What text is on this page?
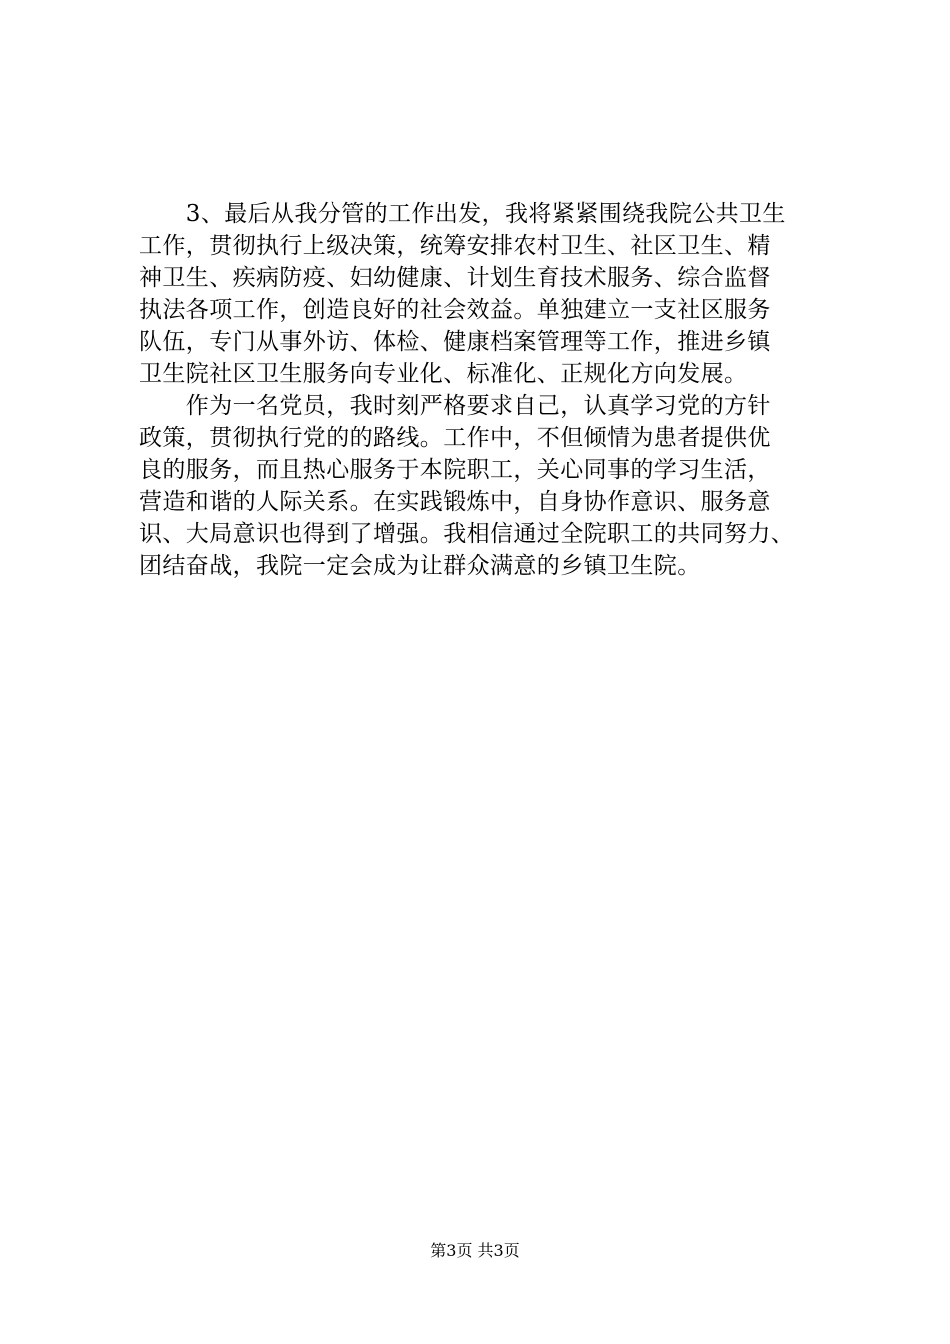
　　3、最后从我分管的工作出发，我将紧紧围绕我院公共卫生
工作，贯彻执行上级决策，统筹安排农村卫生、社区卫生、精
神卫生、疾病防疫、妇幼健康、计划生育技术服务、综合监督
执法各项工作，创造良好的社会效益。单独建立一支社区服务
队伍，专门从事外访、体检、健康档案管理等工作，推进乡镇
卫生院社区卫生服务向专业化、标准化、正规化方向发展。
　　作为一名党员，我时刻严格要求自己，认真学习党的方针
政策，贯彻执行党的的路线。工作中，不但倾情为患者提供优
良的服务，而且热心服务于本院职工，关心同事的学习生活，
营造和谐的人际关系。在实践锻炼中，自身协作意识、服务意
识、大局意识也得到了增强。我相信通过全院职工的共同努力、
团结奋战，我院一定会成为让群众满意的乡镇卫生院。
第3页 共3页
